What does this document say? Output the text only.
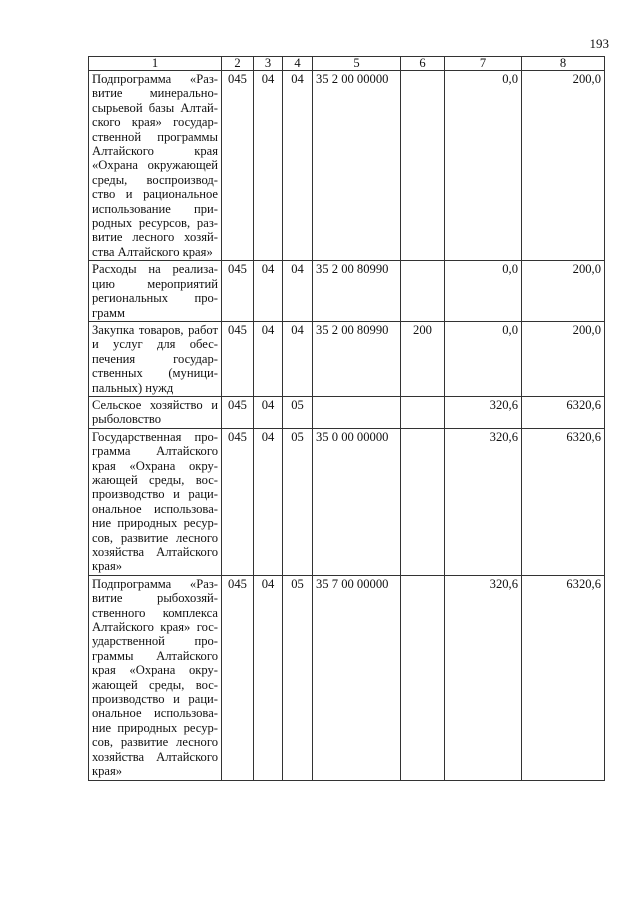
193
1	2	3	4	5	6	7	8
Подпрограмма «Развитие минерально-сырьевой базы Алтайского края» государственной программы Алтайского края «Охрана окружающей среды, воспроизводство и рациональное использование природных ресурсов, развитие лесного хозяйства Алтайского края»	045	04	04	35 2 00 00000		0,0	200,0
Расходы на реализацию мероприятий региональных программ	045	04	04	35 2 00 80990		0,0	200,0
Закупка товаров, работ и услуг для обеспечения государственных (муниципальных) нужд	045	04	04	35 2 00 80990	200	0,0	200,0
Сельское хозяйство и рыболовство	045	04	05			320,6	6320,6
Государственная программа Алтайского края «Охрана окружающей среды, воспроизводство и рациональное использование природных ресурсов, развитие лесного хозяйства Алтайского края»	045	04	05	35 0 00 00000		320,6	6320,6
Подпрограмма «Развитие рыбохозяйственного комплекса Алтайского края» государственной программы Алтайского края «Охрана окружающей среды, воспроизводство и рациональное использование природных ресурсов, развитие лесного хозяйства Алтайского края»	045	04	05	35 7 00 00000		320,6	6320,6
